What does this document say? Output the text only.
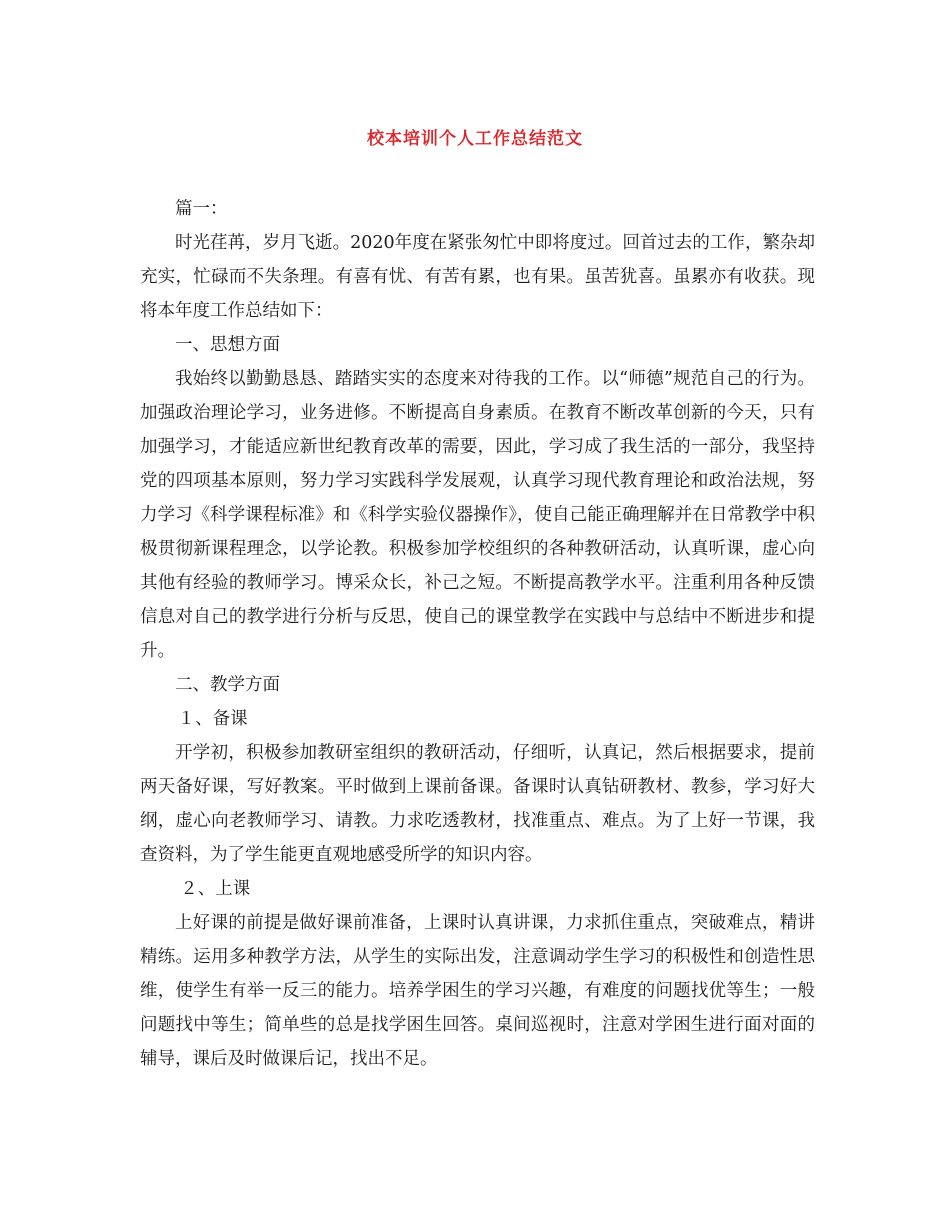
校本培训个人工作总结范文

篇一：

时光荏苒，岁月飞逝。2020年度在紧张匆忙中即将度过。回首过去的工作，繁杂却充实，忙碌而不失条理。有喜有忧、有苦有累，也有果。虽苦犹喜。虽累亦有收获。现将本年度工作总结如下：

一、思想方面

我始终以勤勤恳恳、踏踏实实的态度来对待我的工作。以“师德”规范自己的行为。加强政治理论学习，业务进修。不断提高自身素质。在教育不断改革创新的今天，只有加强学习，才能适应新世纪教育改革的需要，因此，学习成了我生活的一部分，我坚持党的四项基本原则，努力学习实践科学发展观，认真学习现代教育理论和政治法规，努力学习《科学课程标准》和《科学实验仪器操作》，使自己能正确理解并在日常教学中积极贯彻新课程理念，以学论教。积极参加学校组织的各种教研活动，认真听课，虚心向其他有经验的教师学习。博采众长，补己之短。不断提高教学水平。注重利用各种反馈信息对自己的教学进行分析与反思，使自己的课堂教学在实践中与总结中不断进步和提升。

二、教学方面

１、备课

开学初，积极参加教研室组织的教研活动，仔细听，认真记，然后根据要求，提前两天备好课，写好教案。平时做到上课前备课。备课时认真钻研教材、教参，学习好大纲，虚心向老教师学习、请教。力求吃透教材，找准重点、难点。为了上好一节课，我查资料，为了学生能更直观地感受所学的知识内容。

２、上课

上好课的前提是做好课前准备，上课时认真讲课，力求抓住重点，突破难点，精讲精练。运用多种教学方法，从学生的实际出发，注意调动学生学习的积极性和创造性思维，使学生有举一反三的能力。培养学困生的学习兴趣，有难度的问题找优等生；一般问题找中等生；简单些的总是找学困生回答。桌间巡视时，注意对学困生进行面对面的辅导，课后及时做课后记，找出不足。
